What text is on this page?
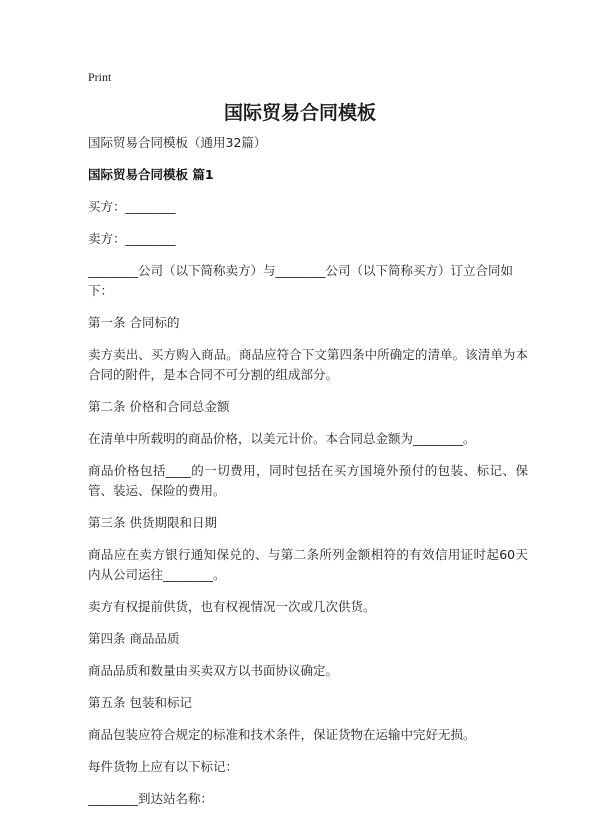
Print
国际贸易合同模板

国际贸易合同模板（通用32篇）

国际贸易合同模板 篇1

买方：________

卖方：________

________公司（以下简称卖方）与________公司（以下简称买方）订立合同如下：

第一条 合同标的

卖方卖出、买方购入商品。商品应符合下文第四条中所确定的清单。该清单为本合同的附件，是本合同不可分割的组成部分。

第二条 价格和合同总金额

在清单中所载明的商品价格，以美元计价。本合同总金额为________。

商品价格包括____的一切费用，同时包括在买方国境外预付的包装、标记、保管、装运、保险的费用。

第三条 供货期限和日期

商品应在卖方银行通知保兑的、与第二条所列金额相符的有效信用证时起60天内从公司运往________。

卖方有权提前供货，也有权视情况一次或几次供货。

第四条 商品品质

商品品质和数量由买卖双方以书面协议确定。

第五条 包装和标记

商品包装应符合规定的标准和技术条件，保证货物在运输中完好无损。

每件货物上应有以下标记：

________到达站名称：
